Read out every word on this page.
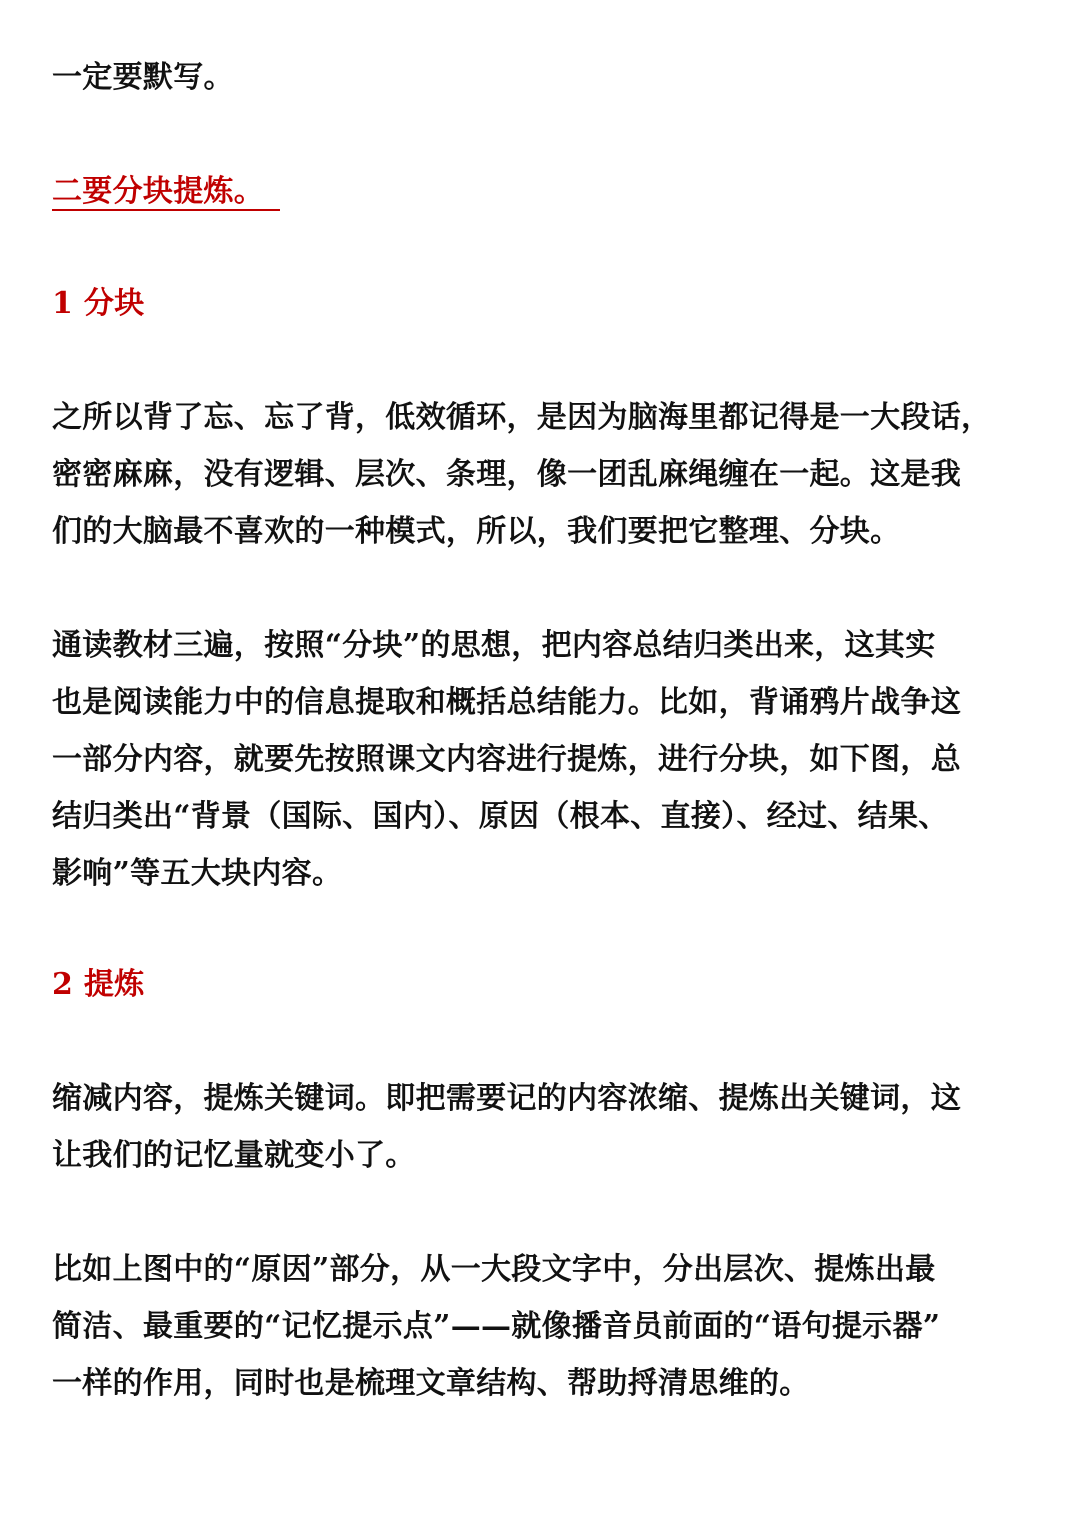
一定要默写。
二要分块提炼。
1 分块
之所以背了忘、忘了背，低效循环，是因为脑海里都记得是一大段话，
密密麻麻，没有逻辑、层次、条理，像一团乱麻绳缠在一起。这是我
们的大脑最不喜欢的一种模式，所以，我们要把它整理、分块。
通读教材三遍，按照“分块”的思想，把内容总结归类出来，这其实
也是阅读能力中的信息提取和概括总结能力。比如，背诵鸦片战争这
一部分内容，就要先按照课文内容进行提炼，进行分块，如下图，总
结归类出“背景（国际、国内）、原因（根本、直接）、经过、结果、
影响”等五大块内容。
2 提炼
缩减内容，提炼关键词。即把需要记的内容浓缩、提炼出关键词，这
让我们的记忆量就变小了。
比如上图中的“原因”部分，从一大段文字中，分出层次、提炼出最
简洁、最重要的“记忆提示点”——就像播音员前面的“语句提示器”
一样的作用，同时也是梳理文章结构、帮助捋清思维的。
